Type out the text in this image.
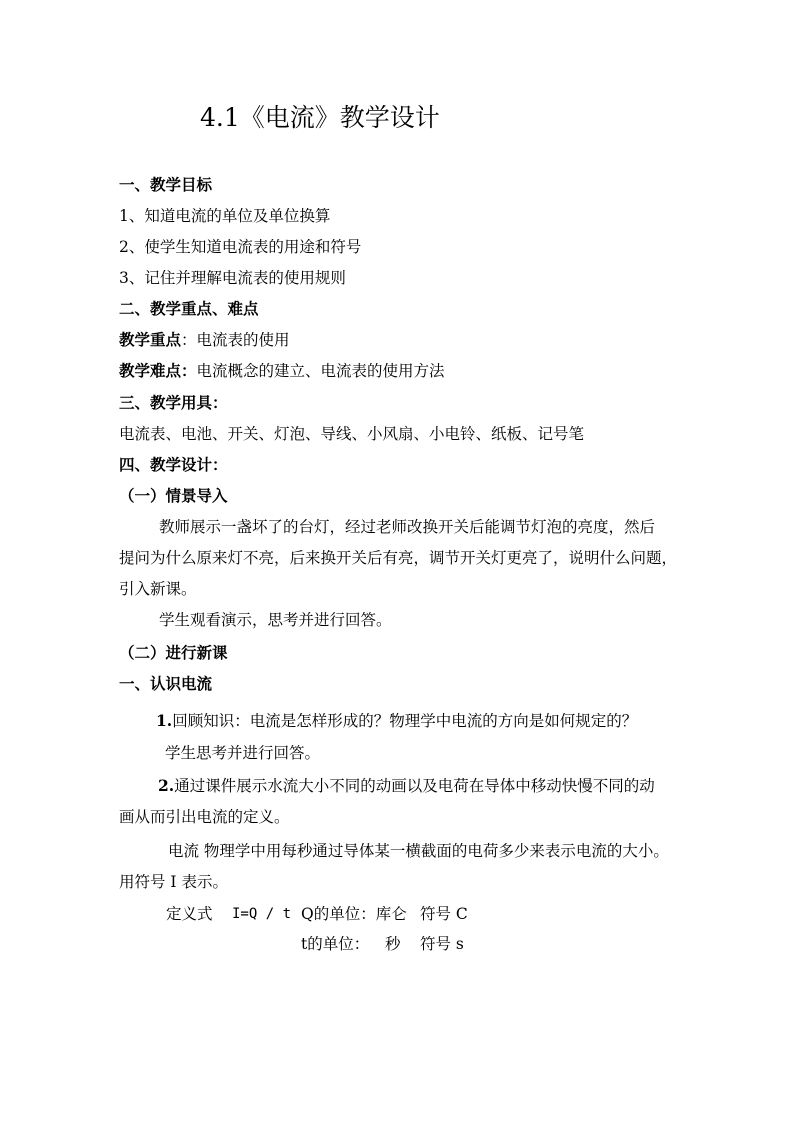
4.1《电流》教学设计
一、教学目标
1、知道电流的单位及单位换算
2、使学生知道电流表的用途和符号
3、记住并理解电流表的使用规则
二、教学重点、难点
教学重点：电流表的使用
教学难点：电流概念的建立、电流表的使用方法
三、教学用具：
电流表、电池、开关、灯泡、导线、小风扇、小电铃、纸板、记号笔
四、教学设计：
（一）情景导入
教师展示一盏坏了的台灯，经过老师改换开关后能调节灯泡的亮度，然后
提问为什么原来灯不亮，后来换开关后有亮，调节开关灯更亮了，说明什么问题，
引入新课。
学生观看演示，思考并进行回答。
（二）进行新课
一、认识电流
1.回顾知识：电流是怎样形成的？物理学中电流的方向是如何规定的？
学生思考并进行回答。
2.通过课件展示水流大小不同的动画以及电荷在导体中移动快慢不同的动
画从而引出电流的定义。
电流 物理学中用每秒通过导体某一横截面的电荷多少来表示电流的大小。
用符号 I 表示。
定义式 I=Q / t Q的单位：库仑 符号 C
t的单位： 秒 符号 s
